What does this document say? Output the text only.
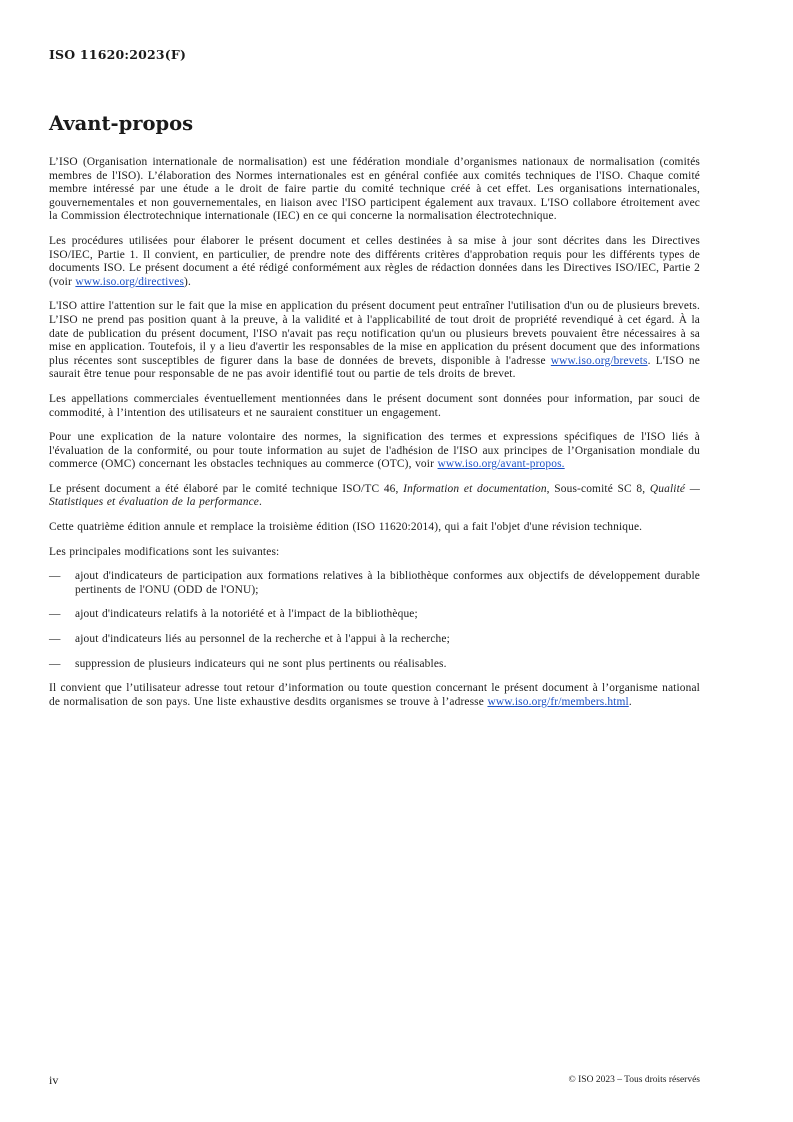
ISO 11620:2023(F)
Avant-propos

L’ISO (Organisation internationale de normalisation) est une fédération mondiale d’organismes nationaux de normalisation (comités membres de l'ISO). L’élaboration des Normes internationales est en général confiée aux comités techniques de l'ISO. Chaque comité membre intéressé par une étude a le droit de faire partie du comité technique créé à cet effet. Les organisations internationales, gouvernementales et non gouvernementales, en liaison avec l'ISO participent également aux travaux. L'ISO collabore étroitement avec la Commission électrotechnique internationale (IEC) en ce qui concerne la normalisation électrotechnique.

Les procédures utilisées pour élaborer le présent document et celles destinées à sa mise à jour sont décrites dans les Directives ISO/IEC, Partie 1. Il convient, en particulier, de prendre note des différents critères d'approbation requis pour les différents types de documents ISO. Le présent document a été rédigé conformément aux règles de rédaction données dans les Directives ISO/IEC, Partie 2 (voir www.iso.org/directives).

L'ISO attire l'attention sur le fait que la mise en application du présent document peut entraîner l'utilisation d'un ou de plusieurs brevets. L’ISO ne prend pas position quant à la preuve, à la validité et à l'applicabilité de tout droit de propriété revendiqué à cet égard. À la date de publication du présent document, l'ISO n'avait pas reçu notification qu'un ou plusieurs brevets pouvaient être nécessaires à sa mise en application. Toutefois, il y a lieu d'avertir les responsables de la mise en application du présent document que des informations plus récentes sont susceptibles de figurer dans la base de données de brevets, disponible à l'adresse www.iso.org/brevets. L'ISO ne saurait être tenue pour responsable de ne pas avoir identifié tout ou partie de tels droits de brevet.

Les appellations commerciales éventuellement mentionnées dans le présent document sont données pour information, par souci de commodité, à l’intention des utilisateurs et ne sauraient constituer un engagement.

Pour une explication de la nature volontaire des normes, la signification des termes et expressions spécifiques de l'ISO liés à l'évaluation de la conformité, ou pour toute information au sujet de l'adhésion de l'ISO aux principes de l’Organisation mondiale du commerce (OMC) concernant les obstacles techniques au commerce (OTC), voir www.iso.org/avant-propos.

Le présent document a été élaboré par le comité technique ISO/TC 46, Information et documentation, Sous-comité SC 8, Qualité — Statistiques et évaluation de la performance.

Cette quatrième édition annule et remplace la troisième édition (ISO 11620:2014), qui a fait l'objet d'une révision technique.

Les principales modifications sont les suivantes:

— ajout d'indicateurs de participation aux formations relatives à la bibliothèque conformes aux objectifs de développement durable pertinents de l'ONU (ODD de l'ONU);
— ajout d'indicateurs relatifs à la notoriété et à l'impact de la bibliothèque;
— ajout d'indicateurs liés au personnel de la recherche et à l'appui à la recherche;
— suppression de plusieurs indicateurs qui ne sont plus pertinents ou réalisables.

Il convient que l’utilisateur adresse tout retour d’information ou toute question concernant le présent document à l’organisme national de normalisation de son pays. Une liste exhaustive desdits organismes se trouve à l’adresse www.iso.org/fr/members.html.

iv	© ISO 2023 – Tous droits réservés
